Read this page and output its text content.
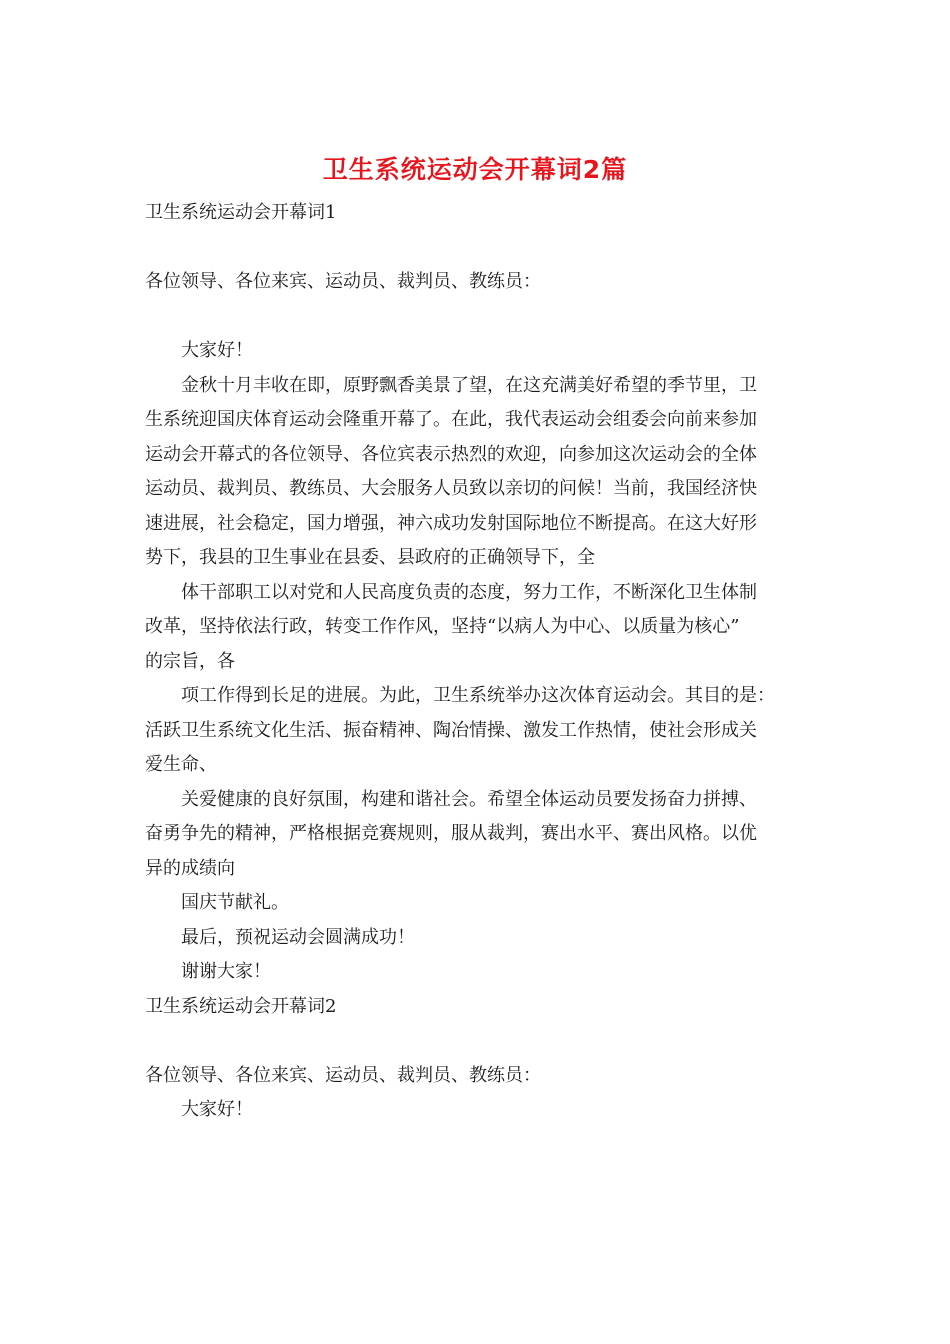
卫生系统运动会开幕词2篇
卫生系统运动会开幕词1
各位领导、各位来宾、运动员、裁判员、教练员：
大家好！
金秋十月丰收在即，原野飘香美景了望，在这充满美好希望的季节里，卫
生系统迎国庆体育运动会隆重开幕了。在此，我代表运动会组委会向前来参加
运动会开幕式的各位领导、各位宾表示热烈的欢迎，向参加这次运动会的全体
运动员、裁判员、教练员、大会服务人员致以亲切的问候！当前，我国经济快
速进展，社会稳定，国力增强，神六成功发射国际地位不断提高。在这大好形
势下，我县的卫生事业在县委、县政府的正确领导下，全
体干部职工以对党和人民高度负责的态度，努力工作，不断深化卫生体制
改革，坚持依法行政，转变工作作风，坚持“以病人为中心、以质量为核心”
的宗旨，各
项工作得到长足的进展。为此，卫生系统举办这次体育运动会。其目的是：
活跃卫生系统文化生活、振奋精神、陶冶情操、激发工作热情，使社会形成关
爱生命、
关爱健康的良好氛围，构建和谐社会。希望全体运动员要发扬奋力拼搏、
奋勇争先的精神，严格根据竞赛规则，服从裁判，赛出水平、赛出风格。以优
异的成绩向
国庆节献礼。
最后，预祝运动会圆满成功！
谢谢大家！
卫生系统运动会开幕词2
各位领导、各位来宾、运动员、裁判员、教练员：
大家好！
